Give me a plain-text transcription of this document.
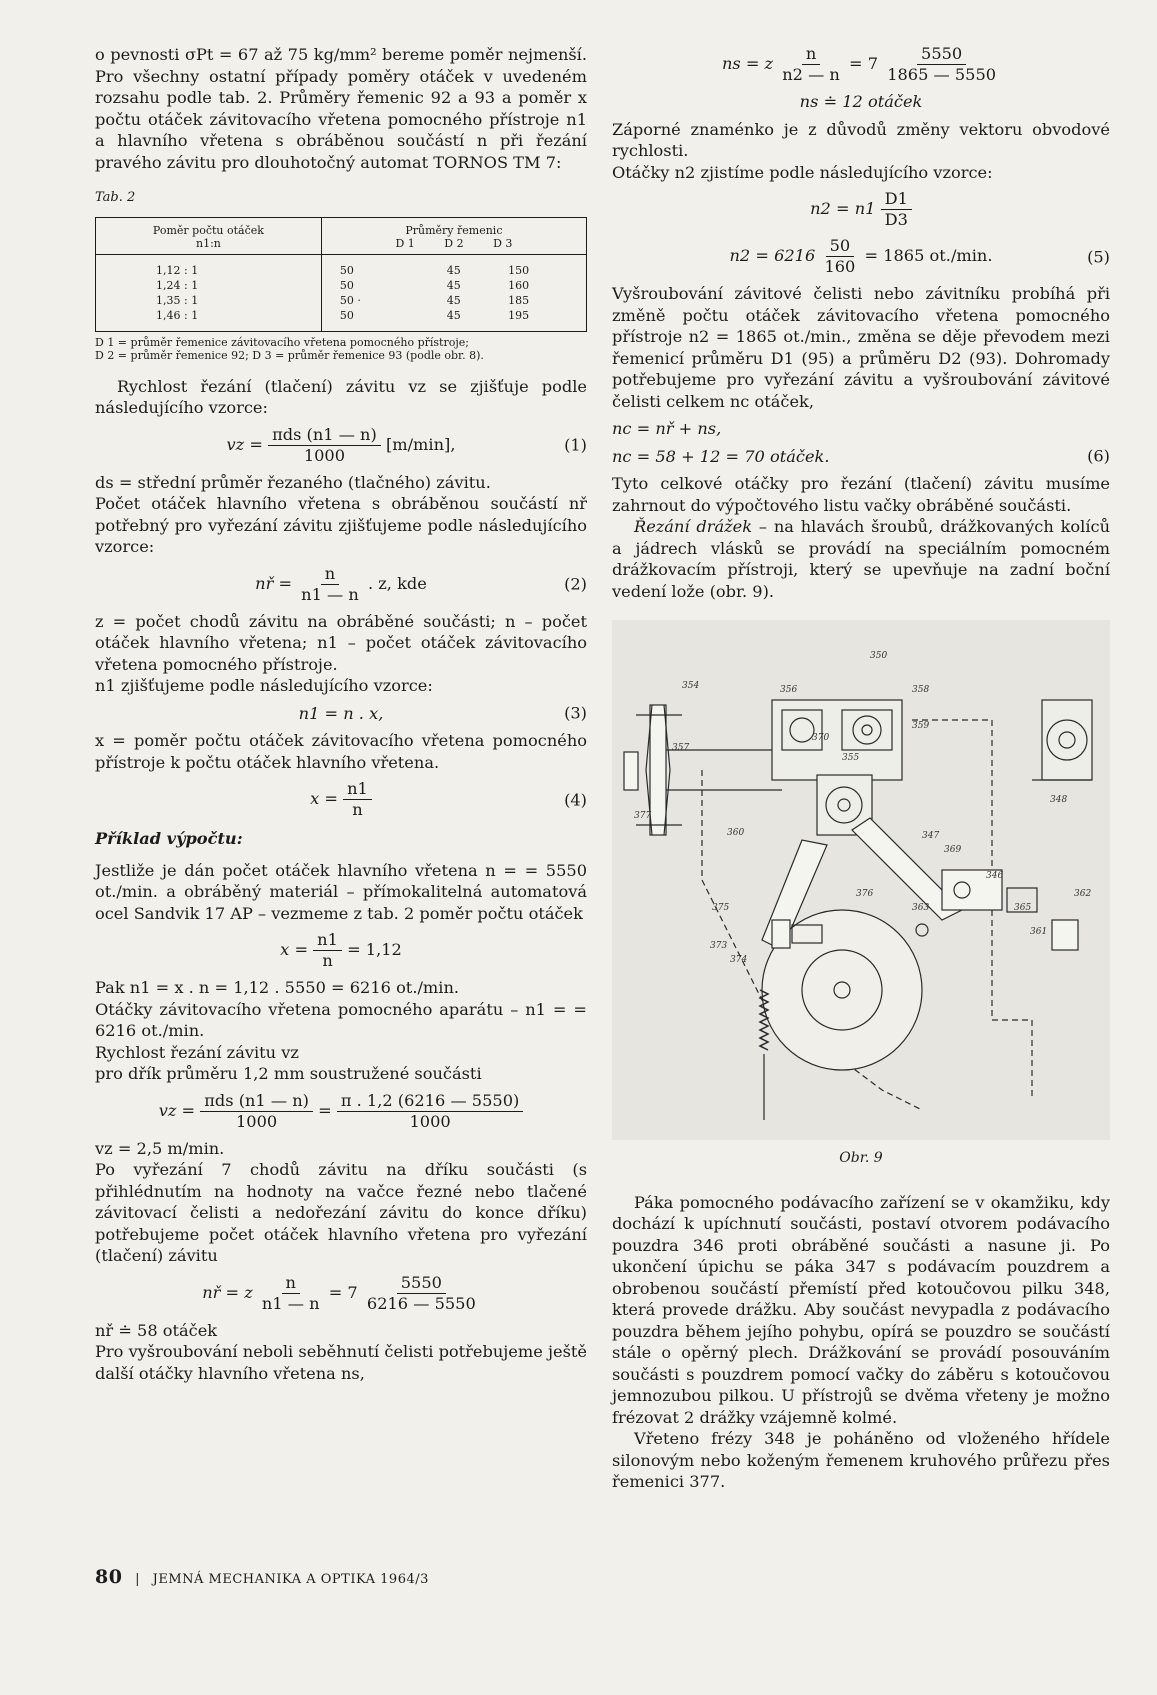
o pevnosti σPt = 67 až 75 kg/mm² bereme poměr nejmenší. Pro všechny ostatní případy poměry otáček v uvedeném rozsahu podle tab. 2. Průměry řemenic 92 a 93 a poměr x počtu otáček závitovacího vřetena pomocného přístroje n1 a hlavního vřetena s obráběnou součástí n při řezání pravého závitu pro dlouhotočný automat TORNOS TM 7:

Tab. 2
Poměr počtu otáček
n1:n	Průměry řemenic
D 1 D 2 D 3		
1,12 : 1	50	45	150
1,24 : 1	50	45	160
1,35 : 1	50 ·	45	185
1,46 : 1	50	45	195
D 1 = průměr řemenice závitovacího vřetena pomocného přístroje;
D 2 = průměr řemenice 92; D 3 = průměr řemenice 93 (podle obr. 8).

Rychlost řezání (tlačení) závitu vz se zjišťuje podle následujícího vzorce:

vz = $\frac{\text{πds (n1 — n)}}{1000} [m/\min]$,	(1)

ds = střední průměr řezaného (tlačného) závitu.

Počet otáček hlavního vřetena s obráběnou součástí nř potřebný pro vyřezání závitu zjišťujeme podle následujícího vzorce:

nř = $\frac{n}{n1 — n}$ . z, kde	(2)

z = počet chodů závitu na obráběné součásti; n – počet otáček hlavního vřetena; n1 – počet otáček závitovacího vřetena pomocného přístroje.

n1 zjišťujeme podle následujícího vzorce:

n1 = n . x,	(3)

x = poměr počtu otáček závitovacího vřetena pomocného přístroje k počtu otáček hlavního vřetena.

$x = \frac{n1}{n}$	(4)

Příklad výpočtu:

Jestliže je dán počet otáček hlavního vřetena n = = 5550 ot./min. a obráběný materiál – přímokalitelná automatová ocel Sandvik 17 AP – vezmeme z tab. 2 poměr počtu otáček

$x = \frac{n1}{n} = 1,12$

Pak n1 = x . n = 1,12 . 5550 = 6216 ot./min.

Otáčky závitovacího vřetena pomocného aparátu – n1 = = 6216 ot./min.

Rychlost řezání závitu vz

pro dřík průměru 1,2 mm soustružené součásti

vz = $\frac{\text{πds (n1 — n)}}{1000} = \frac{\pi . 1,2 (6216 — 5550)}{1000}$

vz = 2,5 m/min.

Po vyřezání 7 chodů závitu na dříku součásti (s přihlédnutím na hodnoty na vačce řezné nebo tlačené závitovací čelisti a nedořezání závitu do konce dříku) potřebujeme počet otáček hlavního vřetena pro vyřezání (tlačení) závitu

nř = z $\frac{n}{n1 — n} = 7 \frac{5550}{6216 — 5550}$

nř ≐ 58 otáček

Pro vyšroubování neboli seběhnutí čelisti potřebujeme ještě další otáčky hlavního vřetena ns,

ns = z $\frac{n}{n2 — n} = 7 \frac{5550}{1865 — 5550}$
ns ≐ 12 otáček

Záporné znaménko je z důvodů změny vektoru obvodové rychlosti.

Otáčky n2 zjistíme podle následujícího vzorce:

$n2 = n1 \frac{D1}{D3}$
$n2 = 6216 \frac{50}{160} = 1865$ ot./min.	(5)

Vyšroubování závitové čelisti nebo závitníku probíhá při změně počtu otáček závitovacího vřetena pomocného přístroje n2 = 1865 ot./min., změna se děje převodem mezi řemenicí průměru D1 (95) a průměru D2 (93). Dohromady potřebujeme pro vyřezání závitu a vyšroubování závitové čelisti celkem nc otáček,

nc = nř + ns,
nc = 58 + 12 = 70 otáček.	(6)

Tyto celkové otáčky pro řezání (tlačení) závitu musíme zahrnout do výpočtového listu vačky obráběné součásti.

Řezání drážek – na hlavách šroubů, drážkovaných kolíců a jádrech vlásků se provádí na speciálním pomocném drážkovacím přístroji, který se upevňuje na zadní boční vedení lože (obr. 9).

354
350
356	358
359
348
357
355
377
360	347
369
346
375	363	365
362
373
374
361
376
370
Obr. 9

Páka pomocného podávacího zařízení se v okamžiku, kdy dochází k upíchnutí součásti, postaví otvorem podávacího pouzdra 346 proti obráběné součásti a nasune ji. Po ukončení úpichu se páka 347 s podávacím pouzdrem a obrobenou součástí přemístí před kotoučovou pilku 348, která provede drážku. Aby součást nevypadla z podávacího pouzdra během jejího pohybu, opírá se pouzdro se součástí stále o opěrný plech. Drážkování se provádí posouváním součásti s pouzdrem pomocí vačky do záběru s kotoučovou jemnozubou pilkou. U přístrojů se dvěma vřeteny je možno frézovat 2 drážky vzájemně kolmé.

Vřeteno frézy 348 je poháněno od vloženého hřídele silonovým nebo koženým řemenem kruhového průřezu přes řemenici 377.

80 | JEMNÁ MECHANIKA A OPTIKA 1964/3
